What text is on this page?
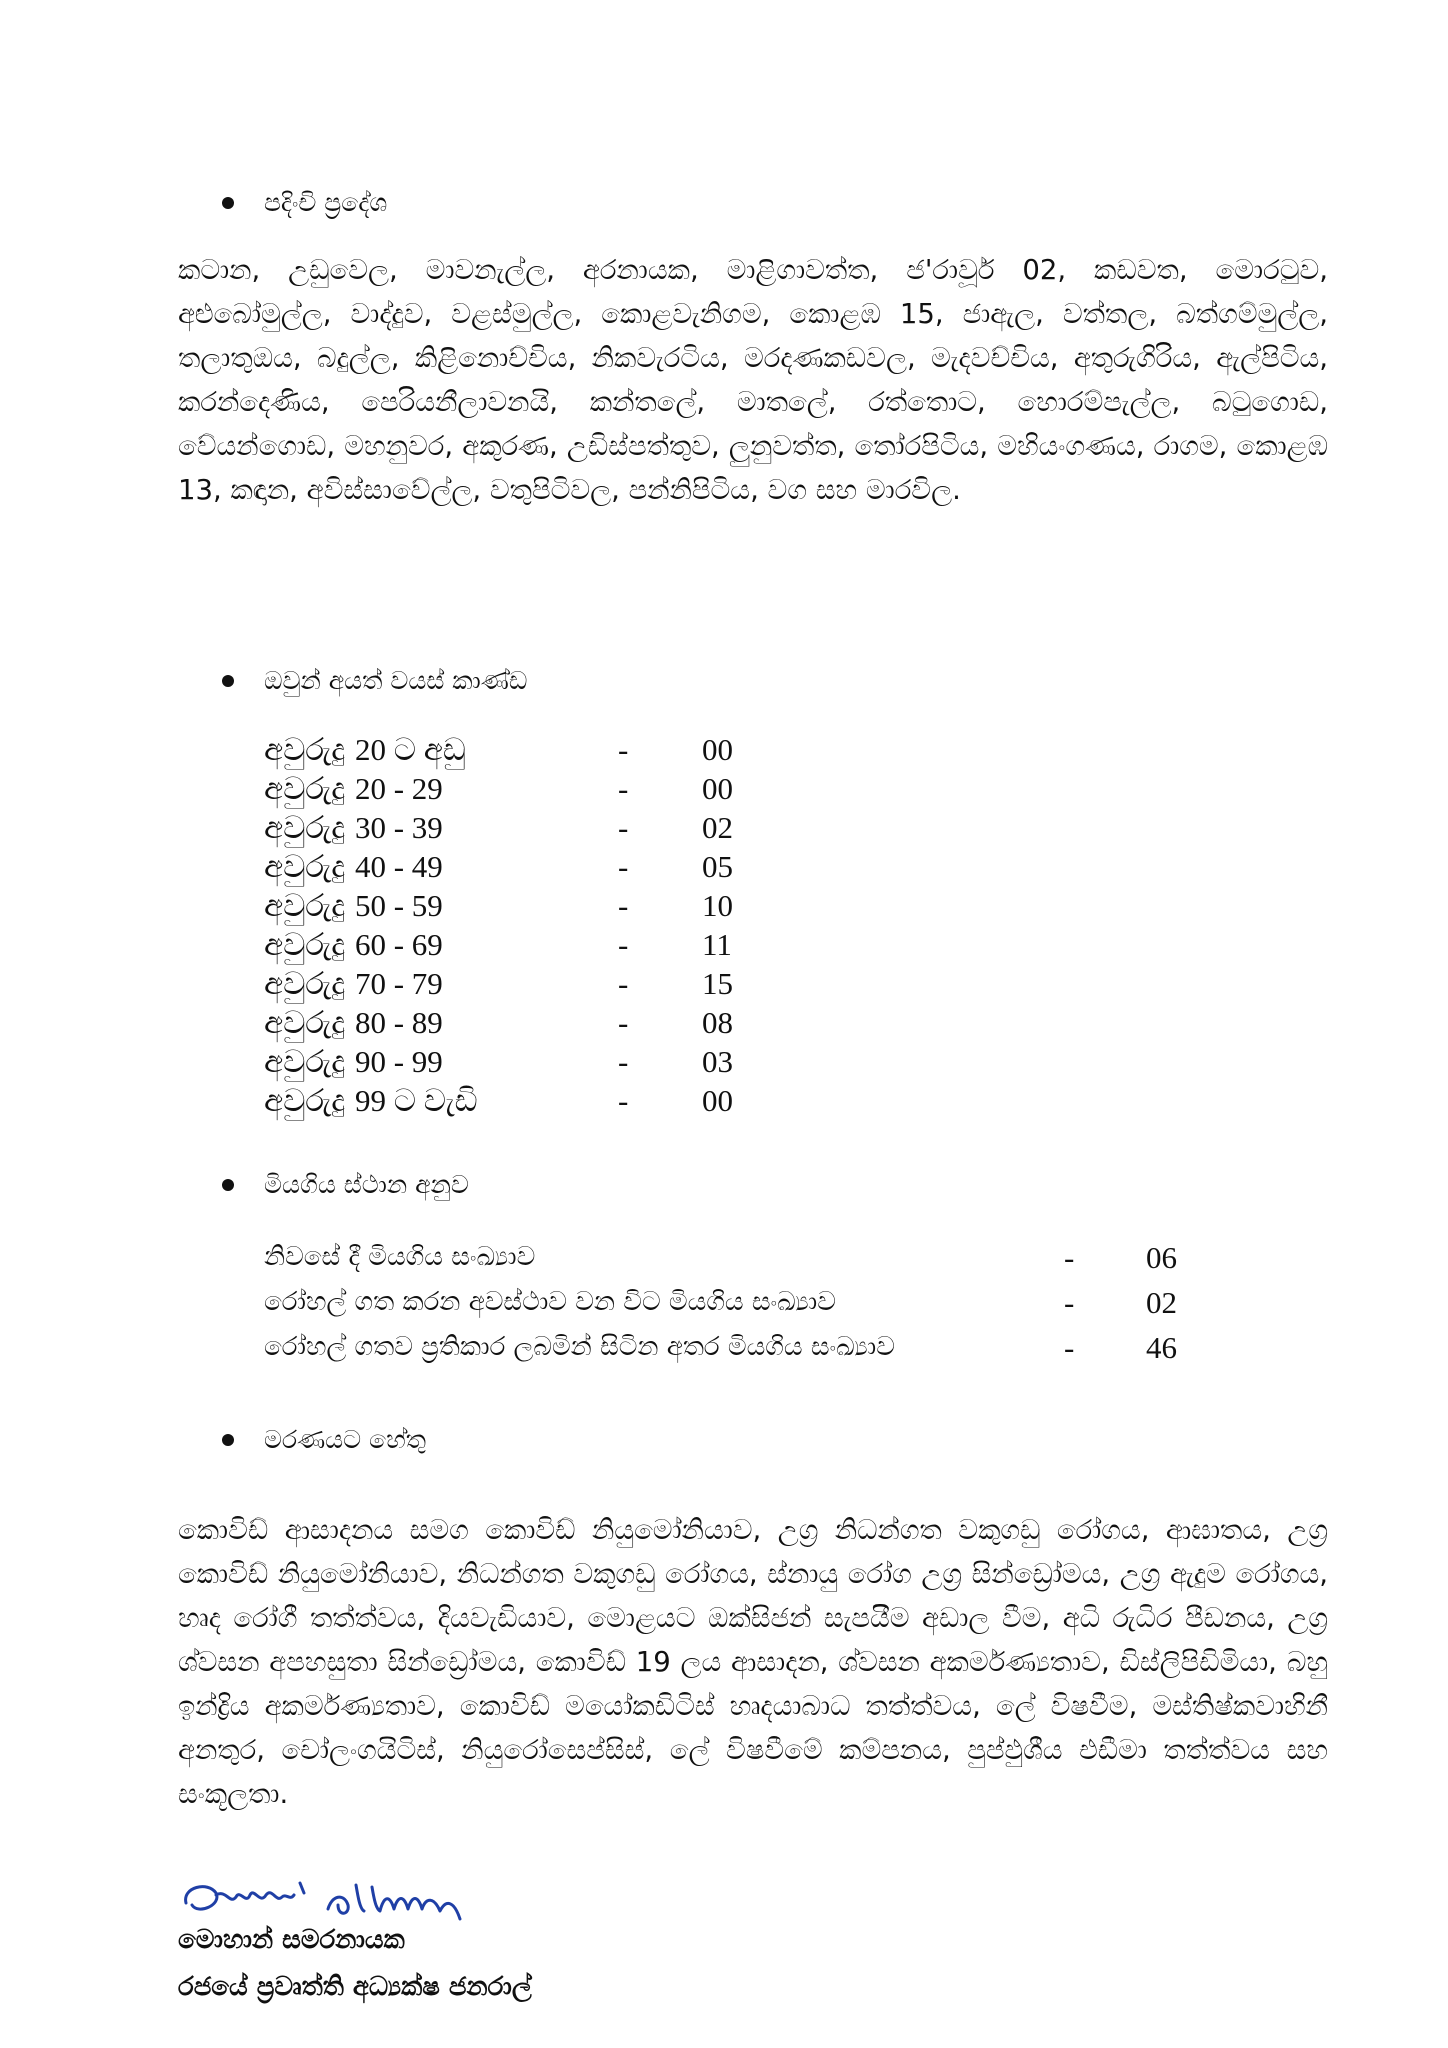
පදිංචි ප්‍රදේශ
කටාන, උඩුවෙල, මාවනැල්ල, අරනායක, මාළිගාවත්ත, ජ'රාවූර් 02, කඩවත, මොරටුව, අළුබෝමුල්ල, වාද්දුව, වළස්මුල්ල, කොළවැනිගම, කොළඹ 15, ජාඇල, වත්තල, බත්ගම්මුල්ල, තලාතුඔය, බදුල්ල, කිළිනොච්චිය, නිකවැරටිය, මරදණකඩවල, මැදවච්චිය, අතුරුගිරිය, ඇල්පිටිය, කරන්දෙණිය, පෙරියනීලාවනයි, කන්තලේ, මාතලේ, රත්තොට, හොරම්පැල්ල, බටුගොඩ, වේයන්ගොඩ, මහනුවර, අකුරණ, උඩිස්පත්තුව, ලුනුවත්ත, තෝරපිටිය, මහියංගණය, රාගම, කොළඹ 13, කඳාන, අවිස්සාවේල්ල, වතුපිටිවල, පන්නිපිටිය, වග සහ මාරවිල.
ඔවුන් අයත් වයස් කාණ්ඩ
අවුරුදු 20 ට අඩු	-	00
අවුරුදු 20 - 29	-	00
අවුරුදු 30 - 39	-	02
අවුරුදු 40 - 49	-	05
අවුරුදු 50 - 59	-	10
අවුරුදු 60 - 69	-	11
අවුරුදු 70 - 79	-	15
අවුරුදු 80 - 89	-	08
අවුරුදු 90 - 99	-	03
අවුරුදු 99 ට වැඩි	-	00
මියගිය ස්ථාන අනුව
නිවසේ දී මියගිය සංඛ්‍යාව	-	06
රෝහල් ගත කරන අවස්ථාව වන විට මියගිය සංඛ්‍යාව	-	02
රෝහල් ගතව ප්‍රතිකාර ලබමින් සිටින අතර මියගිය සංඛ්‍යාව	-	46
මරණයට හේතු
කොවිඩ් ආසාදනය සමග කොවිඩ් නියුමෝනියාව, උග්‍ර නිධන්ගත වකුගඩු රෝගය, ආඝාතය, උග්‍ර කොවිඩ් නියුමෝනියාව, නිධන්ගත වකුගඩු රෝගය, ස්නායු රෝග උග්‍ර සින්ඩ්‍රෝමය, උග්‍ර ඇදුම රෝගය, හෘද රෝගී තත්ත්වය, දියවැඩියාව, මොළයට ඔක්සිජන් සැපයීම අඩාල වීම, අධි රුධිර පීඩනය, උග්‍ර ශ්වසන අපහසුතා සින්ඩ්‍රෝමය, කොවිඩ් 19 ලය ආසාදන, ශ්වසන අකර්මණ්‍යතාව, ඩිස්ලිපිඩිමියා, බහු ඉන්ද්‍රිය අකර්මණ්‍යතාව, කොවිඩ් මයෝකඩිටිස් හෘදයාබාධ තත්ත්වය, ලේ විෂවීම, මස්තිෂ්කවාහිනී අනතුර, චෝලංගයිටිස්, නියුරෝසෙප්සිස්, ලේ විෂවීමේ කම්පනය, පුප්ඵුශීය එඩීමා තත්ත්වය සහ සංකූලතා.
මොහාන් සමරනායක
රජයේ ප්‍රවෘත්ති අධ්‍යක්ෂ ජනරාල්
